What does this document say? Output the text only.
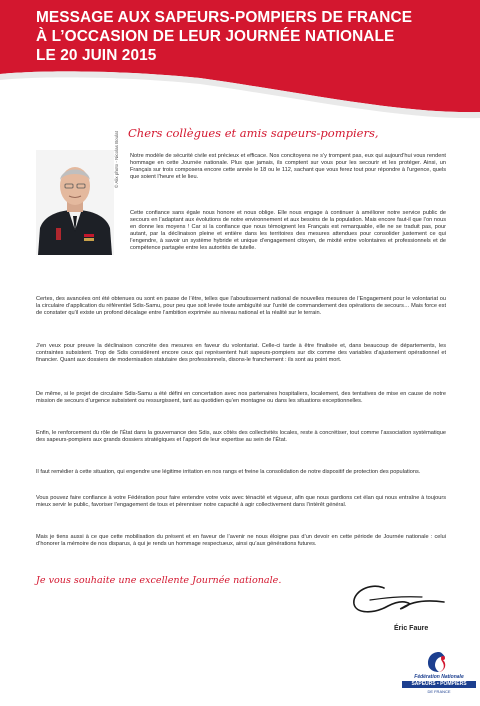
MESSAGE AUX SAPEURS-POMPIERS DE FRANCE

À L’OCCASION DE LEUR JOURNÉE NATIONALE

LE 20 JUIN 2015

Chers collègues et amis sapeurs-pompiers,

© Alix photo - Nicolas Boulat Notre modèle de sécurité civile est précieux et efficace. Nos concitoyens ne s’y trompent pas, eux qui aujourd’hui vous rendent hommage en cette Journée nationale. Plus que jamais, ils comptent sur vous pour les secourir et les protéger. Ainsi, un Français sur trois composera encore cette année le 18 ou le 112, sachant que vous ferez tout pour répondre à l’urgence, quels que soient l’heure et le lieu.

Cette confiance sans égale nous honore et nous oblige. Elle nous engage à continuer à améliorer notre service public de secours en l’adaptant aux évolutions de notre environnement et aux besoins de la population. Mais encore faut-il que l’on nous en donne les moyens ! Car si la confiance que nous témoignent les Français est remarquable, elle ne se traduit pas, pour autant, par la déclinaison pleine et entière dans les territoires des mesures attendues pour consolider justement ce qui l’engendre, à savoir un système hybride et unique d’engagement citoyen, de mixité entre volontaires et professionnels et de compétence partagée entre les autorités de tutelle.

Certes, des avancées ont été obtenues ou sont en passe de l’être, telles que l’aboutissement national de nouvelles mesures de l’Engagement pour le volontariat ou la circulaire d’application du référentiel Sdis-Samu, pour peu que soit levée toute ambiguïté sur l’unité de commandement des opérations de secours… Mais force est de constater qu’il existe un profond décalage entre l’ambition exprimée au niveau national et la réalité sur le terrain.

J’en veux pour preuve la déclinaison concrète des mesures en faveur du volontariat. Celle-ci tarde à être finalisée et, dans beaucoup de départements, les contraintes subsistent. Trop de Sdis considèrent encore ceux qui représentent huit sapeurs-pompiers sur dix comme des variables d’ajustement opérationnel et financier. Quant aux dossiers de modernisation statutaire des professionnels, disons-le franchement : ils sont au point mort.

De même, si le projet de circulaire Sdis-Samu a été défini en concertation avec nos partenaires hospitaliers, localement, des tentatives de mise en cause de notre mission de secours d’urgence subsistent ou ressurgissent, tant au quotidien qu’en montagne ou dans les situations exceptionnelles.

Enfin, le renforcement du rôle de l’État dans la gouvernance des Sdis, aux côtés des collectivités locales, reste à concrétiser, tout comme l’association systématique des sapeurs-pompiers aux grands dossiers stratégiques et l’apport de leur expertise au sein de l’État.

Il faut remédier à cette situation, qui engendre une légitime irritation en nos rangs et freine la consolidation de notre dispositif de protection des populations.

Vous pouvez faire confiance à votre Fédération pour faire entendre votre voix avec ténacité et vigueur, afin que nous gardions cet élan qui nous entraîne à toujours mieux servir le public, favoriser l’engagement de tous et pérenniser notre capacité à agir collectivement dans l’intérêt général.

Mais je tiens aussi à ce que cette mobilisation du présent et en faveur de l’avenir ne nous éloigne pas d’un devoir en cette période de Journée nationale : celui d’honorer la mémoire de nos disparus, à qui je rends un hommage respectueux, ainsi qu’aux générations futures.

Je vous souhaite une excellente Journée nationale.

Éric Faure

Fédération Nationale

SAPEURS • POMPIERS

DE FRANCE
